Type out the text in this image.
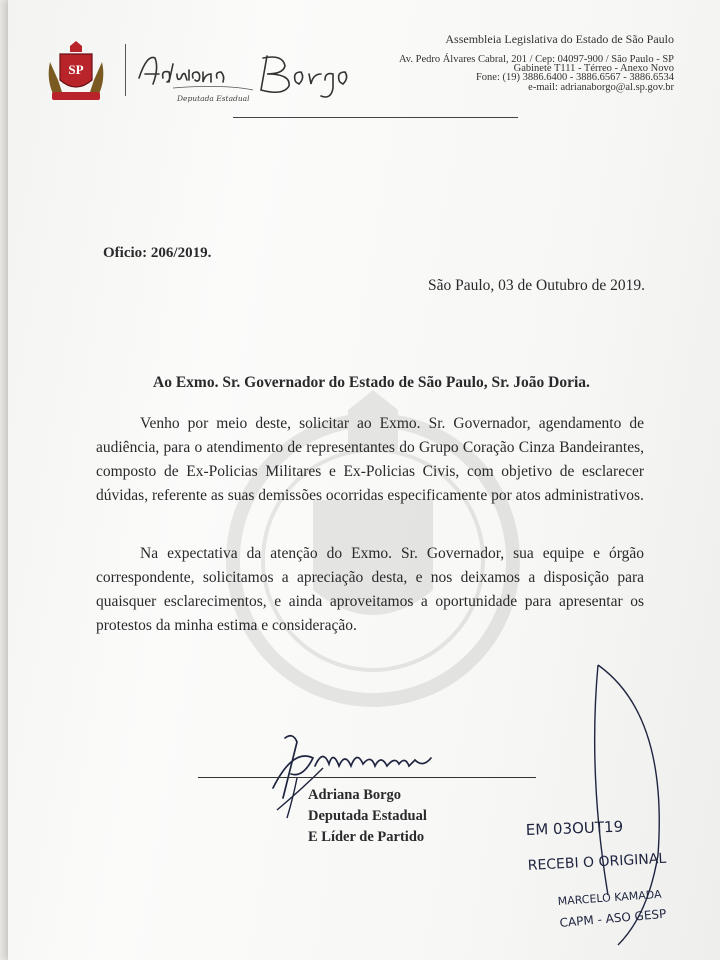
SP
Deputada Estadual
Assembleia Legislativa do Estado de São Paulo
Av. Pedro Álvares Cabral, 201 / Cep: 04097-900 / São Paulo - SP
Gabinete T111 - Térreo - Anexo Novo
Fone: (19) 3886.6400 - 3886.6567 - 3886.6534
e-mail: adrianaborgo@al.sp.gov.br
Oficio: 206/2019.
São Paulo, 03 de Outubro de 2019.
Ao Exmo. Sr. Governador do Estado de São Paulo, Sr. João Doria.
Venho por meio deste, solicitar ao Exmo. Sr. Governador, agendamento de audiência, para o atendimento de representantes do Grupo Coração Cinza Bandeirantes, composto de Ex-Policias Militares e Ex-Policias Civis, com objetivo de esclarecer dúvidas, referente as suas demissões ocorridas especificamente por atos administrativos.
Na expectativa da atenção do Exmo. Sr. Governador, sua equipe e órgão correspondente, solicitamos a apreciação desta, e nos deixamos a disposição para quaisquer esclarecimentos, e ainda aproveitamos a oportunidade para apresentar os protestos da minha estima e consideração.
Adriana Borgo
Deputada Estadual
E Líder de Partido	EM 03OUT19
RECEBI O ORIGINAL
MARCELO KAMADA
CAPM - ASO GESP
